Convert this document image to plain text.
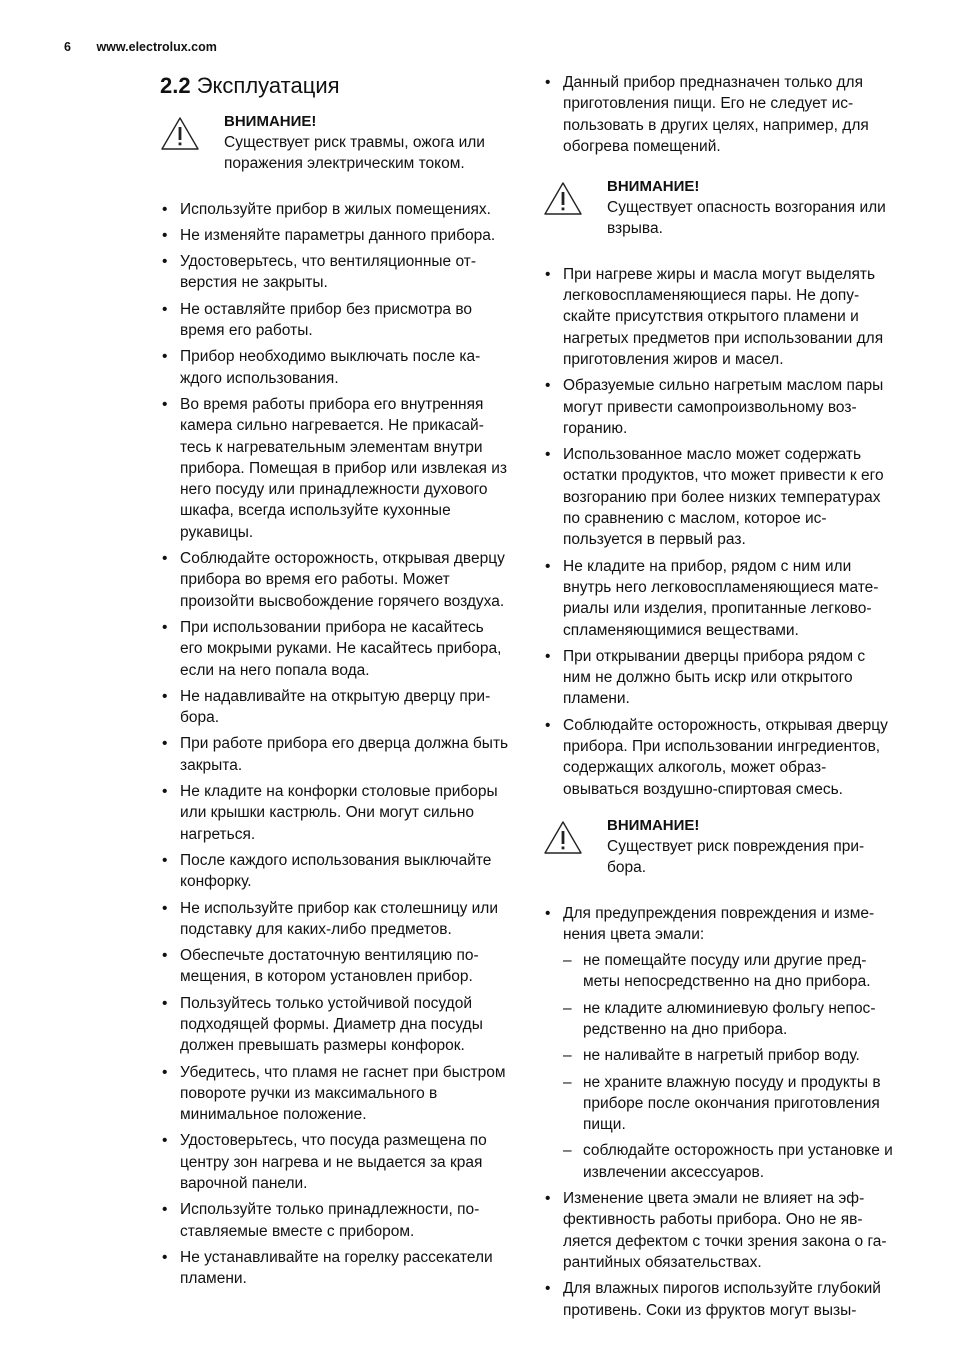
6 www.electrolux.com
2.2 Эксплуатация
ВНИМАНИЕ!
Существует риск травмы, ожога или поражения электрическим током.
• Используйте прибор в жилых помещениях.
• Не изменяйте параметры данного прибора.
• Удостоверьтесь, что вентиляционные отверстия не закрыты.
• Не оставляйте прибор без присмотра во время его работы.
• Прибор необходимо выключать после каждого использования.
• Во время работы прибора его внутренняя камера сильно нагревается. Не прикасайтесь к нагревательным элементам внутри прибора. Помещая в прибор или извлекая из него посуду или принадлежности духового шкафа, всегда используйте кухонные рукавицы.
• Соблюдайте осторожность, открывая дверцу прибора во время его работы. Может произойти высвобождение горячего воздуха.
• При использовании прибора не касайтесь его мокрыми руками. Не касайтесь прибора, если на него попала вода.
• Не надавливайте на открытую дверцу прибора.
• При работе прибора его дверца должна быть закрыта.
• Не кладите на конфорки столовые приборы или крышки кастрюль. Они могут сильно нагреться.
• После каждого использования выключайте конфорку.
• Не используйте прибор как столешницу или подставку для каких-либо предметов.
• Обеспечьте достаточную вентиляцию помещения, в котором установлен прибор.
• Пользуйтесь только устойчивой посудой подходящей формы. Диаметр дна посуды должен превышать размеры конфорок.
• Убедитесь, что пламя не гаснет при быстром повороте ручки из максимального в минимальное положение.
• Удостоверьтесь, что посуда размещена по центру зон нагрева и не выдается за края варочной панели.
• Используйте только принадлежности, поставляемые вместе с прибором.
• Не устанавливайте на горелку рассекатели пламени.
• Данный прибор предназначен только для приготовления пищи. Его не следует использовать в других целях, например, для обогрева помещений.
ВНИМАНИЕ!
Существует опасность возгорания или взрыва.
• При нагреве жиры и масла могут выделять легковоспламеняющиеся пары. Не допускайте присутствия открытого пламени и нагретых предметов при использовании для приготовления жиров и масел.
• Образуемые сильно нагретым маслом пары могут привести самопроизвольному возгоранию.
• Использованное масло может содержать остатки продуктов, что может привести к его возгоранию при более низких температурах по сравнению с маслом, которое используется в первый раз.
• Не кладите на прибор, рядом с ним или внутрь него легковоспламеняющиеся материалы или изделия, пропитанные легковоспламеняющимися веществами.
• При открывании дверцы прибора рядом с ним не должно быть искр или открытого пламени.
• Соблюдайте осторожность, открывая дверцу прибора. При использовании ингредиентов, содержащих алкоголь, может образовываться воздушно-спиртовая смесь.
ВНИМАНИЕ!
Существует риск повреждения прибора.
• Для предупреждения повреждения и изменения цвета эмали:
– не помещайте посуду или другие предметы непосредственно на дно прибора.
– не кладите алюминиевую фольгу непосредственно на дно прибора.
– не наливайте в нагретый прибор воду.
– не храните влажную посуду и продукты в приборе после окончания приготовления пищи.
– соблюдайте осторожность при установке и извлечении аксессуаров.
• Изменение цвета эмали не влияет на эффективность работы прибора. Оно не является дефектом с точки зрения закона о гарантийных обязательствах.
• Для влажных пирогов используйте глубокий противень. Соки из фруктов могут вызы-
